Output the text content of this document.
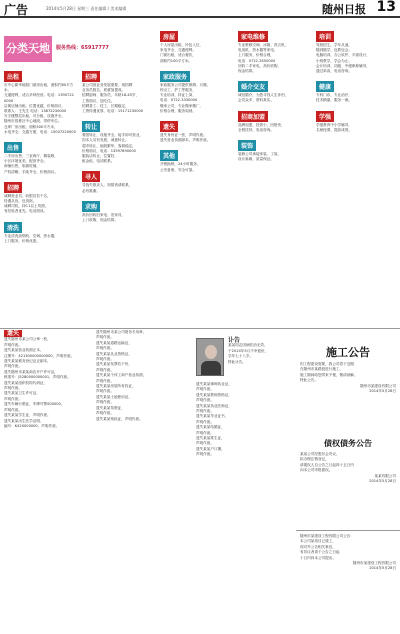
广告	2014年5月28日 星期三 责任编辑 / 美术编辑	随州日报 13
分类天地	服务热线：65917777
出租
市中心繁华地段门面房出租，面积约80平方米，
交通便利，适合多种经营。电话：13907220000
沿街店铺出租，位置优越，价格面议，
联系人：王先生 电话：13872230000
写字楼整层出租，可分租，设施齐全，
随州市曾都区中心地段，带停车位。
仓库厂房出租，面积500平方米，
水电齐全，交通方便，电话：15007220000
出售
二手房出售，三室两厅，精装修，
小区环境优美，配套齐全。
商铺出售，临街旺铺，
产权清晰，手续齐全，价格面议。
招聘
诚聘营业员、收银员若干名，
待遇从优，包食宿。
诚聘司机，持C1以上驾照，
有经验者优先，电话面谈。
清洗
专业清洗油烟机、空调、热水器，
上门服务，价格优惠。
招聘
某公司因业务发展需要，现招聘
业务员数名，底薪加提成。
招聘厨师、服务员，年龄18-45岁，
工资面议，包吃住。
招聘普工、技工，长期稳定，
工资待遇优厚，电话：15171230000
转让
餐馆转让，设施齐全，接手即可营业，
因本人另有发展，诚意转让。
超市转让，地段繁华，客源稳定，
价格面议，电话：13597890000
服装店转让，位置好，
租金低，电话联系。
寻人
寻找失散亲人，知情者请联系，
必有重谢。
求购
高价回收旧家电、旧家具，
上门收购，现金结算。
房屋
个人房屋出租，拎包入住，
家电齐全，交通便利。
门面出租，适合餐饮，
面积约100平方米。
家政服务
家政服务公司提供保姆、月嫂、
钟点工、护工等服务，
专业培训，持证上岗，
电话：0722-3330000
搬家公司，专业搬家搬厂，
价格合理，服务周到。
遗失
遗失身份证一张，声明作废。
遗失营业执照副本，声明作废。
其他
开锁换锁，24小时服务，
公安备案，安全可靠。
家电维修
专业维修空调、冰箱、洗衣机、
电视机、热水器等家电，
上门服务，价格合理，
电话：0722-3550000
回收二手家电，高价收购，
现金结算。
婚介交友
诚信婚介，为您寻找人生伴侣，
会员众多，资料真实。
招商加盟
品牌加盟，投资小，回报快，
全程扶持，电话咨询。
装饰
装修公司承接家装、工装，
设计新颖，质量保证。
培训
驾校招生，学车从速，
随到随学，包教包会。
电脑培训，办公软件、平面设计，
小班教学，学会为止。
会计培训，初级、中级职称辅导，
通过率高，电话咨询。
健康
专科门诊，专业治疗，
技术精湛，服务一流。
学强
学强教育中小学辅导，
名师授课，提高成绩。
遗失
遗失随州市某公司公章一枚，
声明作废。
遗失某某营业执照正本，
注册号：421300000000000，声明作废。
遗失某某税务登记证正副本，
声明作废。
遗失随州市某某商店开户许可证，
核准号：J5280000000001，声明作废。
遗失某某组织机构代码证，
声明作废。
遗失某某卫生许可证，
声明作废。
遗失车辆行驶证，车牌号鄂S00000，
声明作废。
遗失某某学生证，声明作废。
遗失某某出生医学证明，
编号：K420000000，声明作废。
遗失随州市某公司财务专用章，
声明作废。
遗失某某道路运输证，
声明作废。
遗失某某从业资格证，
声明作废。
遗失某某发票若干份，
声明作废。
遗失某某个体工商户营业执照，
声明作废。
遗失某某房屋所有权证，
声明作废。
遗失某某土地使用证，
声明作废。
遗失某某驾驶证，
声明作废。
遗失某某残疾证，声明作废。
讣告
某某同志因病医治无效，
于2014年5月不幸逝世，
享年七十八岁。
特此讣告。
遗失某某律师执业证，
声明作废。
遗失某某教师资格证，
声明作废。
遗失某某执业医师证，
声明作废。
遗失某某毕业证书，
声明作废。
遗失某某结婚证，
声明作废。
遗失某某准生证，
声明作废。
遗失某某户口簿，
声明作废。
施工公告
因工程建设需要，我公司将于近期
在随州市某路段进行施工，
施工期间给您带来不便，敬请谅解。
特此公告。
随州市某建设有限公司
2014年5月28日
债权债务公告
某某公司经股东会决议，
拟办理注销登记，
请债权人自公告之日起四十五日内
向本公司申报债权。
某某有限公司
2014年5月28日
随州市某建设工程有限公司公告：
本公司某项目已竣工，
现对外公告相关事宜，
有异议者请于公告之日起
十日内向本公司提出。
随州市某建设工程有限公司
2014年5月28日
